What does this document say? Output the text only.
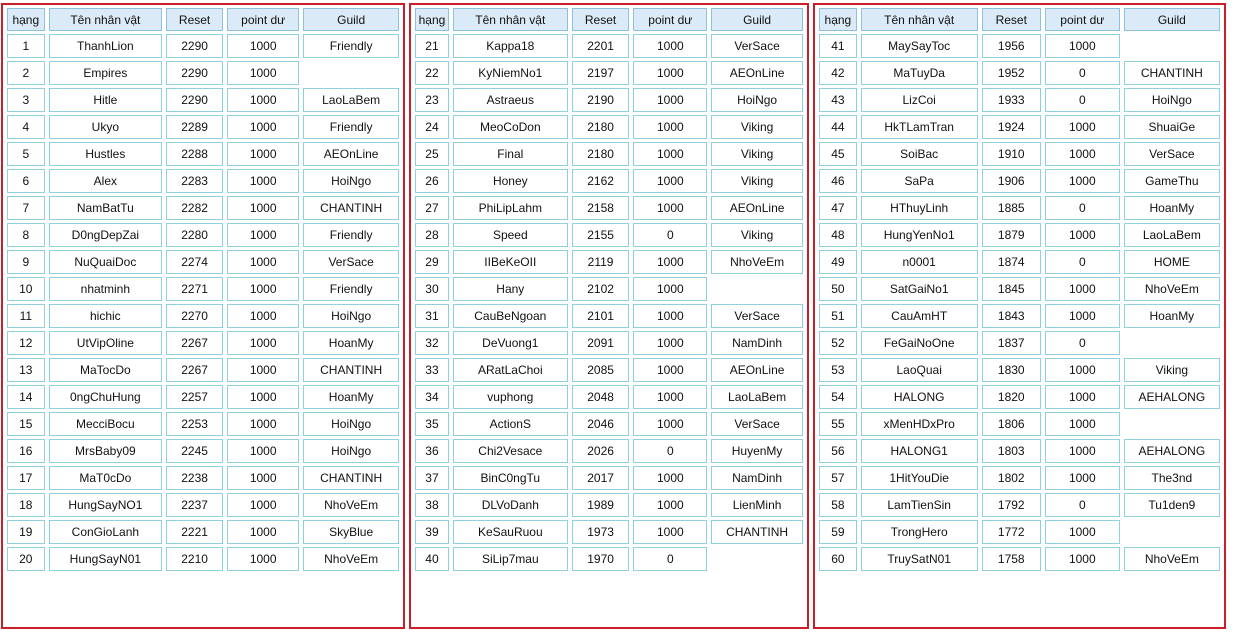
hạng	Tên nhân vật	Reset	point dư	Guild
1	ThanhLion	2290	1000	Friendly
2	Empires	2290	1000	
3	Hitle	2290	1000	LaoLaBem
4	Ukyo	2289	1000	Friendly
5	Hustles	2288	1000	AEOnLine
6	Alex	2283	1000	HoiNgo
7	NamBatTu	2282	1000	CHANTINH
8	D0ngDepZai	2280	1000	Friendly
9	NuQuaiDoc	2274	1000	VerSace
10	nhatminh	2271	1000	Friendly
11	hichic	2270	1000	HoiNgo
12	UtVipOline	2267	1000	HoanMy
13	MaTocDo	2267	1000	CHANTINH
14	0ngChuHung	2257	1000	HoanMy
15	MecciBocu	2253	1000	HoiNgo
16	MrsBaby09	2245	1000	HoiNgo
17	MaT0cDo	2238	1000	CHANTINH
18	HungSayNO1	2237	1000	NhoVeEm
19	ConGioLanh	2221	1000	SkyBlue
20	HungSayN01	2210	1000	NhoVeEm
hạng	Tên nhân vật	Reset	point dư	Guild
21	Kappa18	2201	1000	VerSace
22	KyNiemNo1	2197	1000	AEOnLine
23	Astraeus	2190	1000	HoiNgo
24	MeoCoDon	2180	1000	Viking
25	Final	2180	1000	Viking
26	Honey	2162	1000	Viking
27	PhiLipLahm	2158	1000	AEOnLine
28	Speed	2155	0	Viking
29	IIBeKeOII	2119	1000	NhoVeEm
30	Hany	2102	1000	
31	CauBeNgoan	2101	1000	VerSace
32	DeVuong1	2091	1000	NamDinh
33	ARatLaChoi	2085	1000	AEOnLine
34	vuphong	2048	1000	LaoLaBem
35	ActionS	2046	1000	VerSace
36	Chi2Vesace	2026	0	HuyenMy
37	BinC0ngTu	2017	1000	NamDinh
38	DLVoDanh	1989	1000	LienMinh
39	KeSauRuou	1973	1000	CHANTINH
40	SiLip7mau	1970	0	
hạng	Tên nhân vật	Reset	point dư	Guild
41	MaySayToc	1956	1000	
42	MaTuyDa	1952	0	CHANTINH
43	LizCoi	1933	0	HoiNgo
44	HkTLamTran	1924	1000	ShuaiGe
45	SoiBac	1910	1000	VerSace
46	SaPa	1906	1000	GameThu
47	HThuyLinh	1885	0	HoanMy
48	HungYenNo1	1879	1000	LaoLaBem
49	n0001	1874	0	HOME
50	SatGaiNo1	1845	1000	NhoVeEm
51	CauAmHT	1843	1000	HoanMy
52	FeGaiNoOne	1837	0	
53	LaoQuai	1830	1000	Viking
54	HALONG	1820	1000	AEHALONG
55	xMenHDxPro	1806	1000	
56	HALONG1	1803	1000	AEHALONG
57	1HitYouDie	1802	1000	The3nd
58	LamTienSin	1792	0	Tu1den9
59	TrongHero	1772	1000	
60	TruySatN01	1758	1000	NhoVeEm
